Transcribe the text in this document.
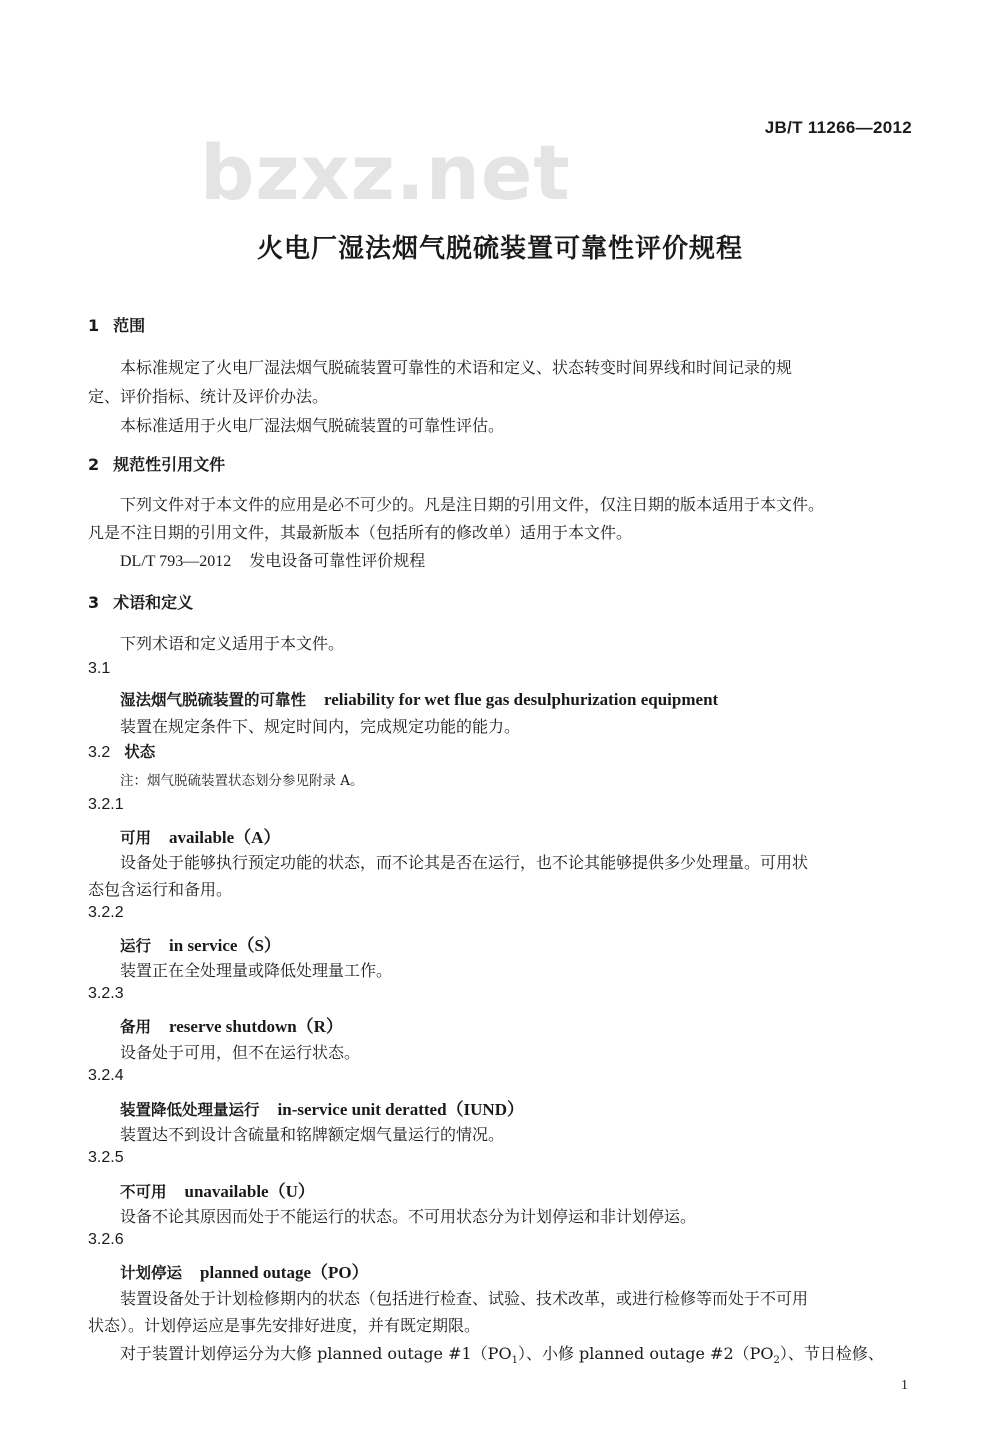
JB/T 11266—2012
bzxz.net
火电厂湿法烟气脱硫装置可靠性评价规程
1 范围
本标准规定了火电厂湿法烟气脱硫装置可靠性的术语和定义、状态转变时间界线和时间记录的规
定、评价指标、统计及评价办法。
本标准适用于火电厂湿法烟气脱硫装置的可靠性评估。
2 规范性引用文件
下列文件对于本文件的应用是必不可少的。凡是注日期的引用文件，仅注日期的版本适用于本文件。
凡是不注日期的引用文件，其最新版本（包括所有的修改单）适用于本文件。
DL/T 793—2012 发电设备可靠性评价规程
3 术语和定义
下列术语和定义适用于本文件。
3.1
湿法烟气脱硫装置的可靠性 reliability for wet flue gas desulphurization equipment
装置在规定条件下、规定时间内，完成规定功能的能力。
3.2 状态
注：烟气脱硫装置状态划分参见附录 A。
3.2.1
可用 available（A）
设备处于能够执行预定功能的状态，而不论其是否在运行，也不论其能够提供多少处理量。可用状
态包含运行和备用。
3.2.2
运行 in service（S）
装置正在全处理量或降低处理量工作。
3.2.3
备用 reserve shutdown（R）
设备处于可用，但不在运行状态。
3.2.4
装置降低处理量运行 in-service unit deratted（IUND）
装置达不到设计含硫量和铭牌额定烟气量运行的情况。
3.2.5
不可用 unavailable（U）
设备不论其原因而处于不能运行的状态。不可用状态分为计划停运和非计划停运。
3.2.6
计划停运 planned outage（PO）
装置设备处于计划检修期内的状态（包括进行检查、试验、技术改革，或进行检修等而处于不可用
状态）。计划停运应是事先安排好进度，并有既定期限。
对于装置计划停运分为大修 planned outage $\#1(PO_1)$、小修 planned outage $\#2(PO_2)$、节日检修、
1
